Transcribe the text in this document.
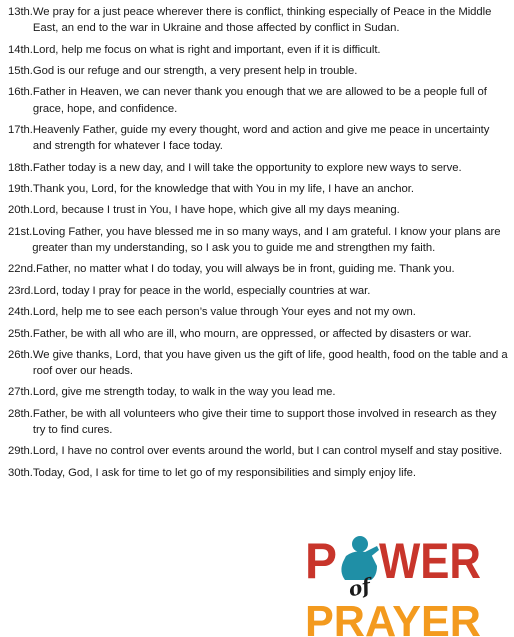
13th. We pray for a just peace wherever there is conflict, thinking especially of Peace in the Middle East, an end to the war in Ukraine and those affected by conflict in Sudan.
14th. Lord, help me focus on what is right and important, even if it is difficult.
15th. God is our refuge and our strength, a very present help in trouble.
16th. Father in Heaven, we can never thank you enough that we are allowed to be a people full of grace, hope, and confidence.
17th. Heavenly Father, guide my every thought, word and action and give me peace in uncertainty and strength for whatever I face today.
18th. Father today is a new day, and I will take the opportunity to explore new ways to serve.
19th. Thank you, Lord, for the knowledge that with You in my life, I have an anchor.
20th. Lord, because I trust in You, I have hope, which give all my days meaning.
21st. Loving Father, you have blessed me in so many ways, and I am grateful. I know your plans are greater than my understanding, so I ask you to guide me and strengthen my faith.
22nd. Father, no matter what I do today, you will always be in front, guiding me. Thank you.
23rd. Lord, today I pray for peace in the world, especially countries at war.
24th. Lord, help me to see each person’s value through Your eyes and not my own.
25th. Father, be with all who are ill, who mourn, are oppressed, or affected by disasters or war.
26th. We give thanks, Lord, that you have given us the gift of life, good health, food on the table and a roof over our heads.
27th. Lord, give me strength today, to walk in the way you lead me.
28th. Father, be with all volunteers who give their time to support those involved in research as they try to find cures.
29th. Lord, I have no control over events around the world, but I can control myself and stay positive.
30th. Today, God, I ask for time to let go of my responsibilities and simply enjoy life.
P WER
of
PRAYER
